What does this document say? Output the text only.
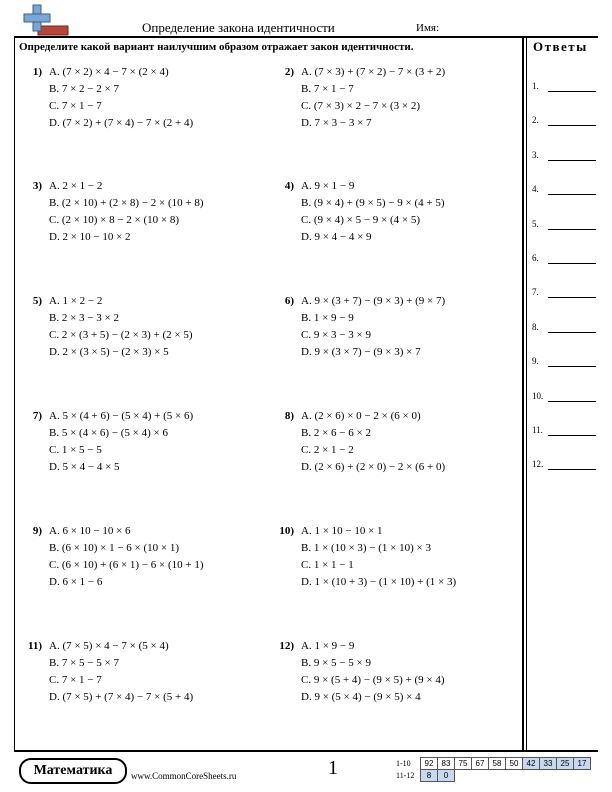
Определение закона идентичности	Имя:
Определите какой вариант наилучшим образом отражает закон идентичности.	Ответы
1.
2.
3.
4.
5.
6.
7.
8.
9.
10.
11.
12.
1) A. (7 × 2) × 4 − 7 × (2 × 4)
B. 7 × 2 − 2 × 7
C. 7 × 1 − 7
D. (7 × 2) + (7 × 4) − 7 × (2 + 4)
2) A. (7 × 3) + (7 × 2) − 7 × (3 + 2)
B. 7 × 1 − 7
C. (7 × 3) × 2 − 7 × (3 × 2)
D. 7 × 3 − 3 × 7
3) A. 2 × 1 − 2
B. (2 × 10) + (2 × 8) − 2 × (10 + 8)
C. (2 × 10) × 8 − 2 × (10 × 8)
D. 2 × 10 − 10 × 2
4) A. 9 × 1 − 9
B. (9 × 4) + (9 × 5) − 9 × (4 + 5)
C. (9 × 4) × 5 − 9 × (4 × 5)
D. 9 × 4 − 4 × 9
5) A. 1 × 2 − 2
B. 2 × 3 − 3 × 2
C. 2 × (3 + 5) − (2 × 3) + (2 × 5)
D. 2 × (3 × 5) − (2 × 3) × 5
6) A. 9 × (3 + 7) − (9 × 3) + (9 × 7)
B. 1 × 9 − 9
C. 9 × 3 − 3 × 9
D. 9 × (3 × 7) − (9 × 3) × 7
7) A. 5 × (4 + 6) − (5 × 4) + (5 × 6)
B. 5 × (4 × 6) − (5 × 4) × 6
C. 1 × 5 − 5
D. 5 × 4 − 4 × 5
8) A. (2 × 6) × 0 − 2 × (6 × 0)
B. 2 × 6 − 6 × 2
C. 2 × 1 − 2
D. (2 × 6) + (2 × 0) − 2 × (6 + 0)
9) A. 6 × 10 − 10 × 6
B. (6 × 10) × 1 − 6 × (10 × 1)
C. (6 × 10) + (6 × 1) − 6 × (10 + 1)
D. 6 × 1 − 6
10) A. 1 × 10 − 10 × 1
B. 1 × (10 × 3) − (1 × 10) × 3
C. 1 × 1 − 1
D. 1 × (10 + 3) − (1 × 10) + (1 × 3)
11) A. (7 × 5) × 4 − 7 × (5 × 4)
B. 7 × 5 − 5 × 7
C. 7 × 1 − 7
D. (7 × 5) + (7 × 4) − 7 × (5 + 4)
12) A. 1 × 9 − 9
B. 9 × 5 − 5 × 9
C. 9 × (5 + 4) − (9 × 5) + (9 × 4)
D. 9 × (5 × 4) − (9 × 5) × 4
Математика	www.CommonCoreSheets.ru	1	1-10	92	83	75	67	58	50	42	33	25	17
11-12	8	0								
